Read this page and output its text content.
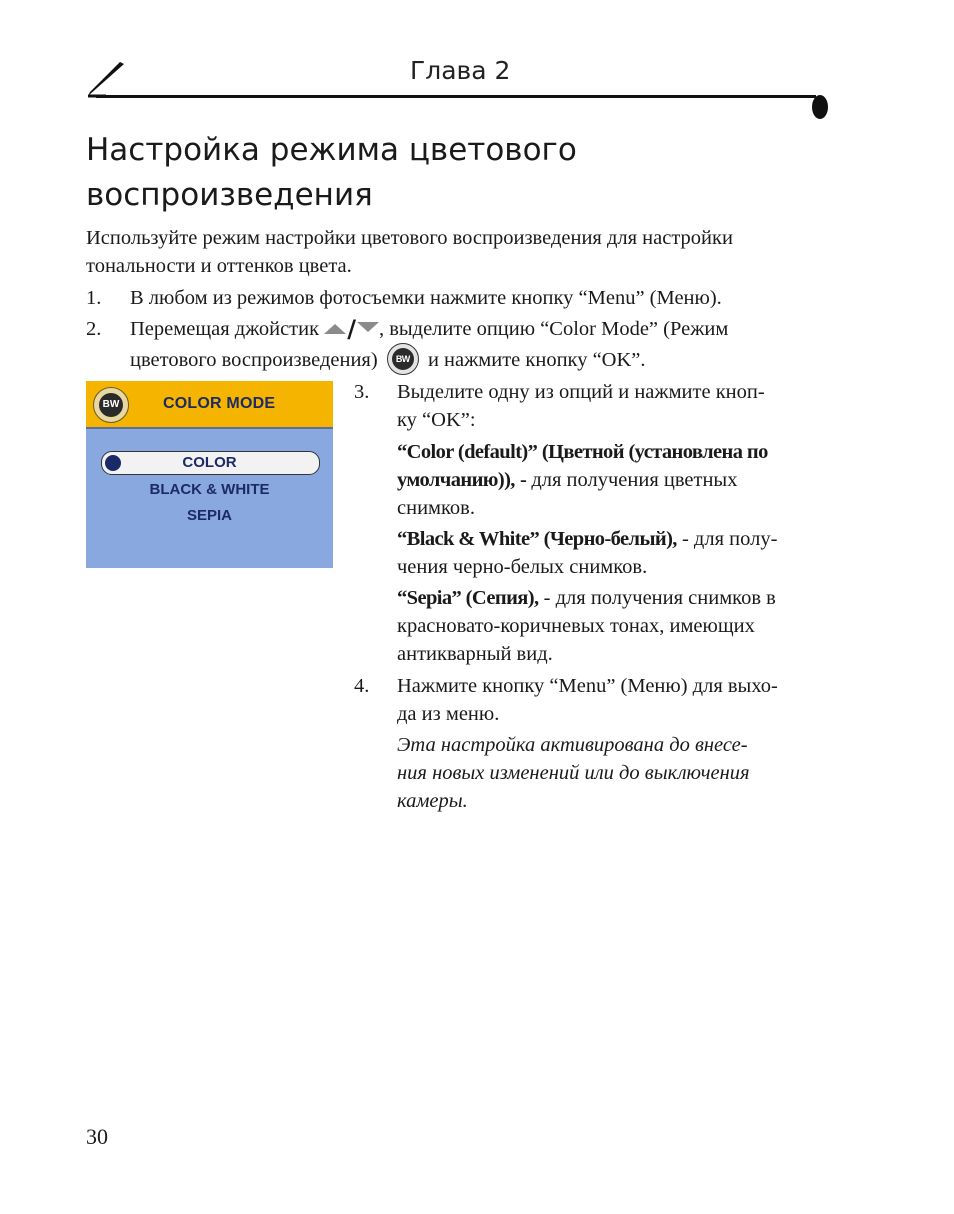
Глава 2
Настройка режима цветового
воспроизведения
Используйте режим настройки цветового воспроизведения для настройки
тональности и оттенков цвета.
1. В любом из режимов фотосъемки нажмите кнопку “Menu” (Меню).
2. Перемещая джойстик / , выделите опцию “Color Mode” (Режим
цветового воспроизведения)	BW и нажмите кнопку “OK”.
BW	COLOR MODE
COLOR
BLACK & WHITE
SEPIA
3. Выделите одну из опций и нажмите кноп-
ку “OK”:
“Color (default)” (Цветной (установлена по
умолчанию)), - для получения цветных
снимков.
“Black & White” (Черно-белый), - для полу-
чения черно-белых снимков.
“Sepia” (Сепия), - для получения снимков в
красновато-коричневых тонах, имеющих
антикварный вид.
4. Нажмите кнопку “Menu” (Меню) для выхо-
да из меню.
Эта настройка активирована до внесе-
ния новых изменений или до выключения
камеры.
30
